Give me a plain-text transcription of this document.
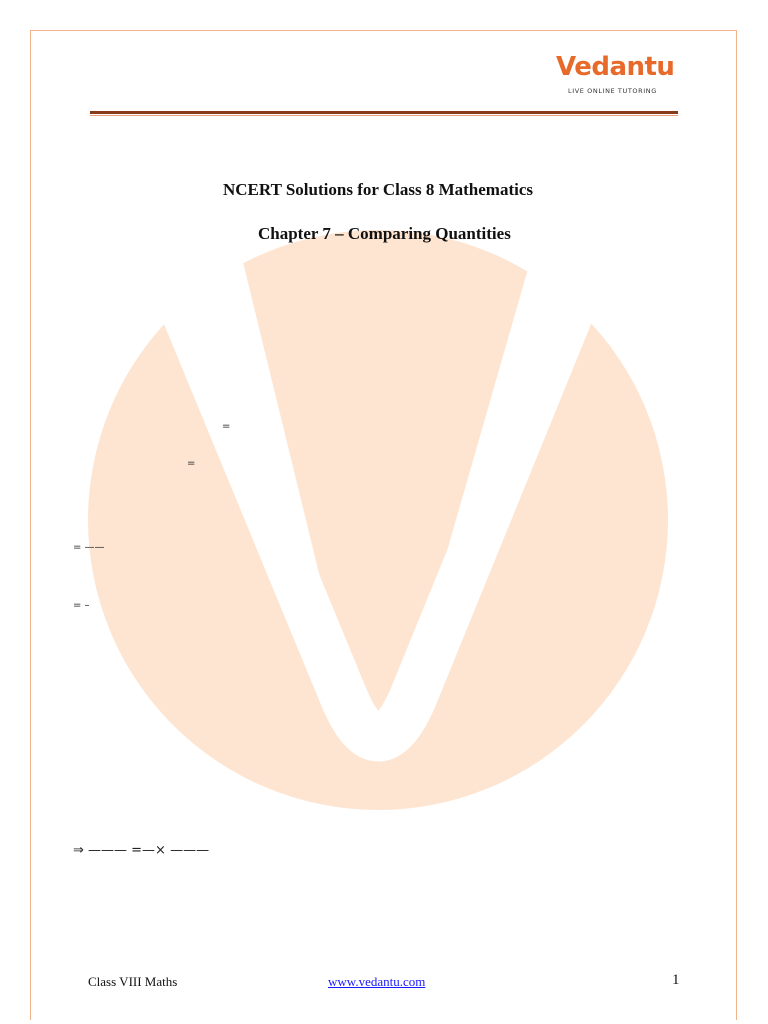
Vedantu
LIVE ONLINE TUTORING
NCERT Solutions for Class 8 Mathematics
Chapter 7 – Comparing Quantities
=
=
= ——
= –
⇒ ——— =—× ———
Class VIII Maths	www.vedantu.com	1
